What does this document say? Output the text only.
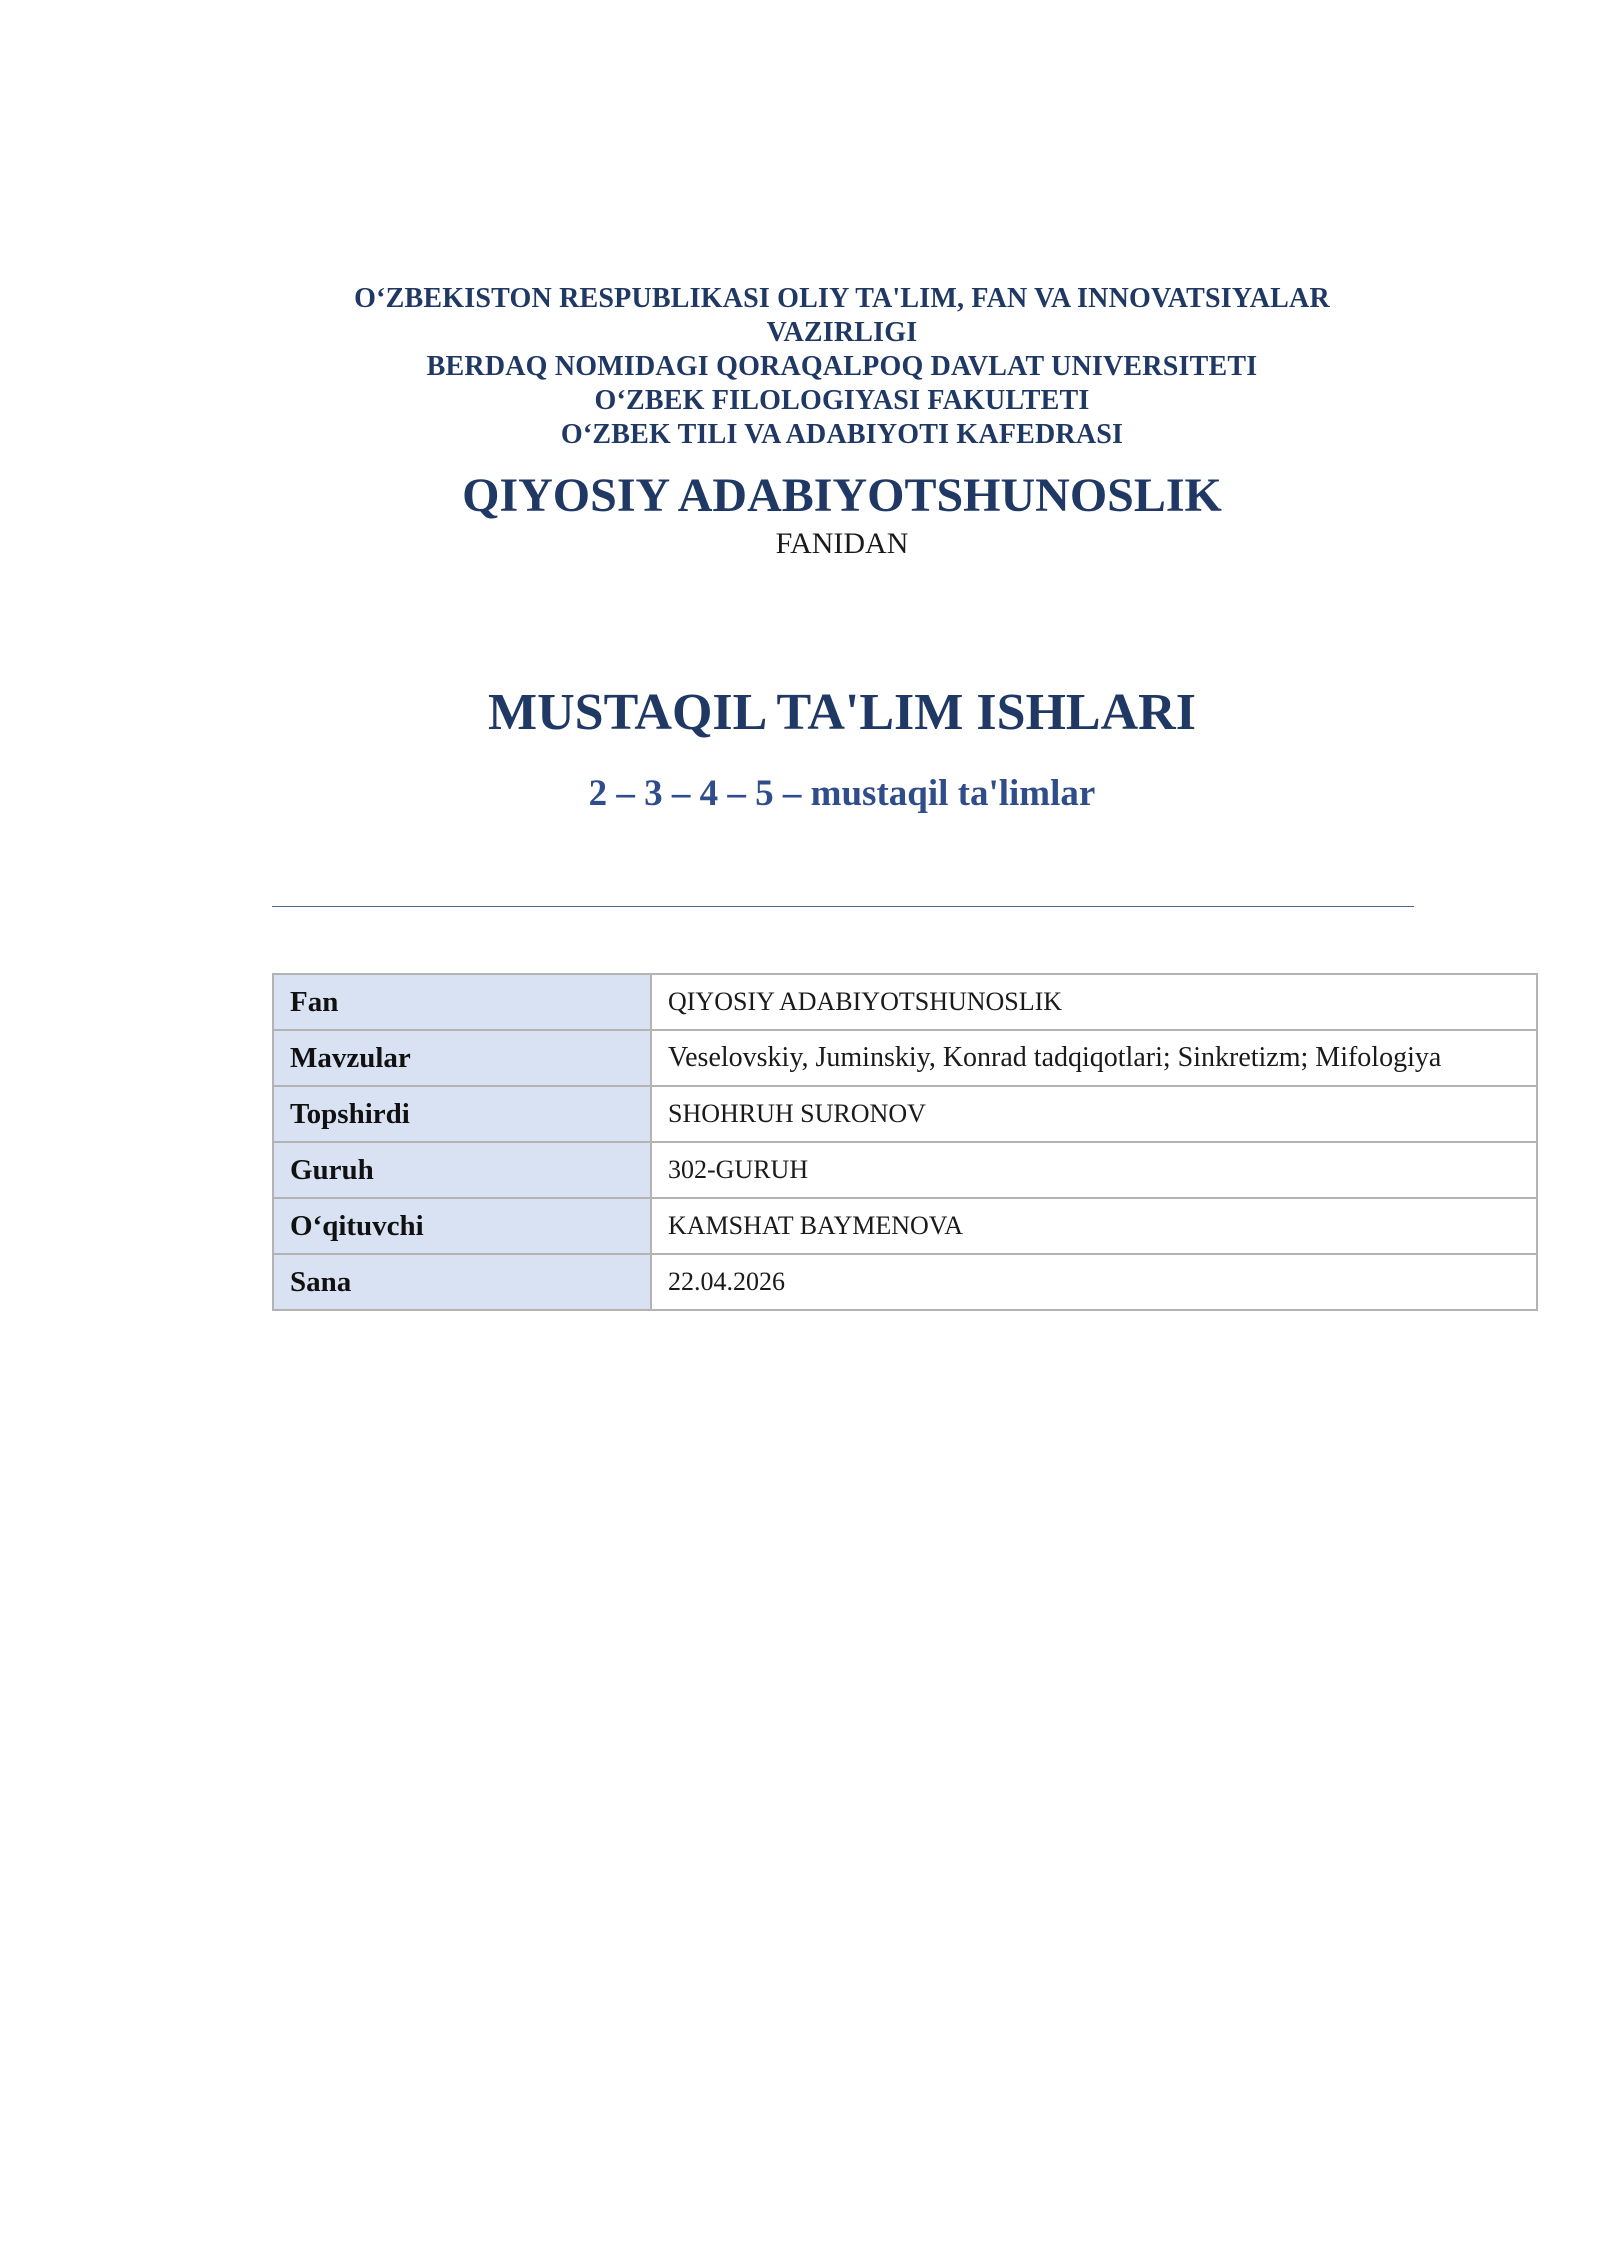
O‘ZBEKISTON RESPUBLIKASI OLIY TA'LIM, FAN VA INNOVATSIYALAR
VAZIRLIGI
BERDAQ NOMIDAGI QORAQALPOQ DAVLAT UNIVERSITETI
O‘ZBEK FILOLOGIYASI FAKULTETI
O‘ZBEK TILI VA ADABIYOTI KAFEDRASI
QIYOSIY ADABIYOTSHUNOSLIK
FANIDAN
MUSTAQIL TA'LIM ISHLARI
2 – 3 – 4 – 5 – mustaqil ta'limlar
Fan	QIYOSIY ADABIYOTSHUNOSLIK
Mavzular	Veselovskiy, Juminskiy, Konrad tadqiqotlari; Sinkretizm; Mifologiya
Topshirdi	SHOHRUH SURONOV
Guruh	302-GURUH
O‘qituvchi	KAMSHAT BAYMENOVA
Sana	22.04.2026
